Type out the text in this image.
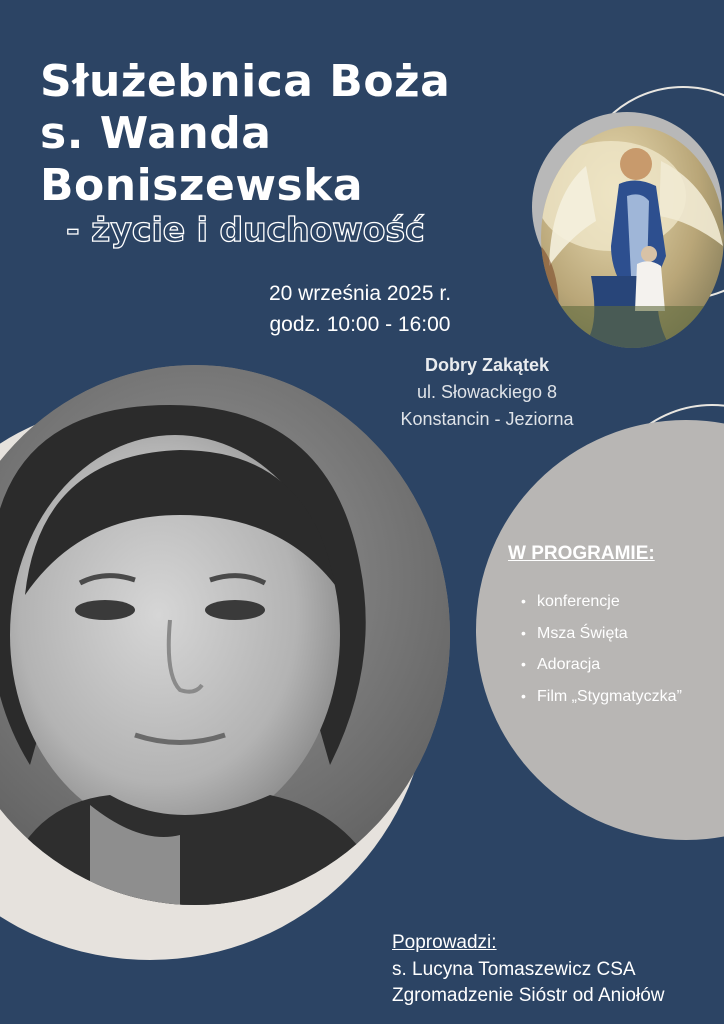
Służebnica Boża
s. Wanda
Boniszewska
- życie i duchowość
20 września 2025 r.
godz. 10:00 - 16:00
Dobry Zakątek
ul. Słowackiego 8
Konstancin - Jeziorna
W PROGRAMIE:
• konferencje
• Msza Święta
• Adoracja
• Film „Stygmatyczka”
Poprowadzi:
s. Lucyna Tomaszewicz CSA
Zgromadzenie Sióstr od Aniołów
